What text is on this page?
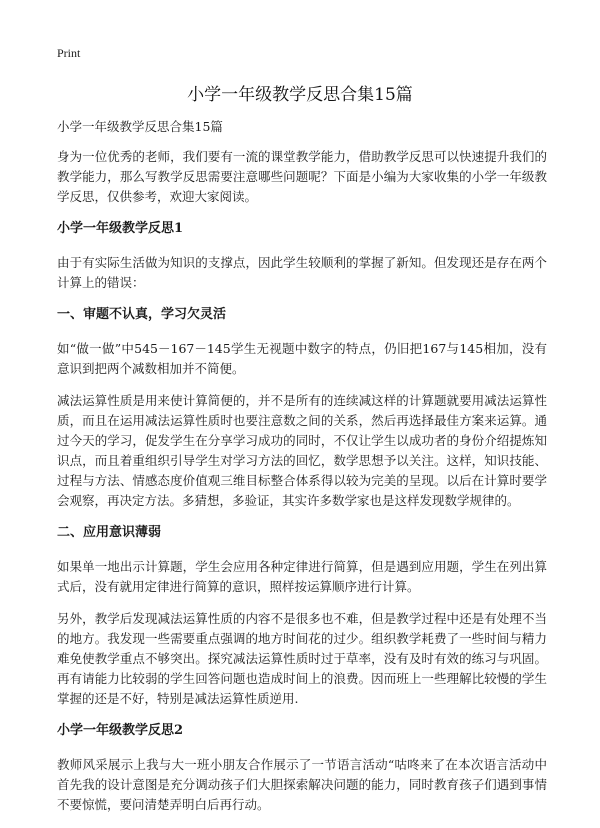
Print
小学一年级教学反思合集15篇

小学一年级教学反思合集15篇

身为一位优秀的老师，我们要有一流的课堂教学能力，借助教学反思可以快速提升我们的教学能力，那么写教学反思需要注意哪些问题呢？下面是小编为大家收集的小学一年级教学反思，仅供参考，欢迎大家阅读。

小学一年级教学反思1

由于有实际生活做为知识的支撑点，因此学生较顺利的掌握了新知。但发现还是存在两个计算上的错误：

一、审题不认真，学习欠灵活

如“做一做”中545－167－145学生无视题中数字的特点，仍旧把167与145相加，没有意识到把两个减数相加并不简便。

减法运算性质是用来使计算简便的，并不是所有的连续减这样的计算题就要用减法运算性质，而且在运用减法运算性质时也要注意数之间的关系，然后再选择最佳方案来运算。通过今天的学习，促发学生在分享学习成功的同时，不仅让学生以成功者的身份介绍提炼知识点，而且着重组织引导学生对学习方法的回忆，数学思想予以关注。这样，知识技能、过程与方法、情感态度价值观三维目标整合体系得以较为完美的呈现。以后在计算时要学会观察，再决定方法。多猜想，多验证，其实许多数学家也是这样发现数学规律的。

二、应用意识薄弱

如果单一地出示计算题，学生会应用各种定律进行简算，但是遇到应用题，学生在列出算式后，没有就用定律进行简算的意识，照样按运算顺序进行计算。

另外，教学后发现减法运算性质的内容不是很多也不难，但是教学过程中还是有处理不当的地方。我发现一些需要重点强调的地方时间花的过少。组织教学耗费了一些时间与精力难免使教学重点不够突出。探究减法运算性质时过于草率，没有及时有效的练习与巩固。再有请能力比较弱的学生回答问题也造成时间上的浪费。因而班上一些理解比较慢的学生掌握的还是不好，特别是减法运算性质逆用.

小学一年级教学反思2

教师风采展示上我与大一班小朋友合作展示了一节语言活动“咕咚来了在本次语言活动中首先我的设计意图是充分调动孩子们大胆探索解决问题的能力，同时教育孩子们遇到事情不要惊慌，要问清楚弄明白后再行动。
